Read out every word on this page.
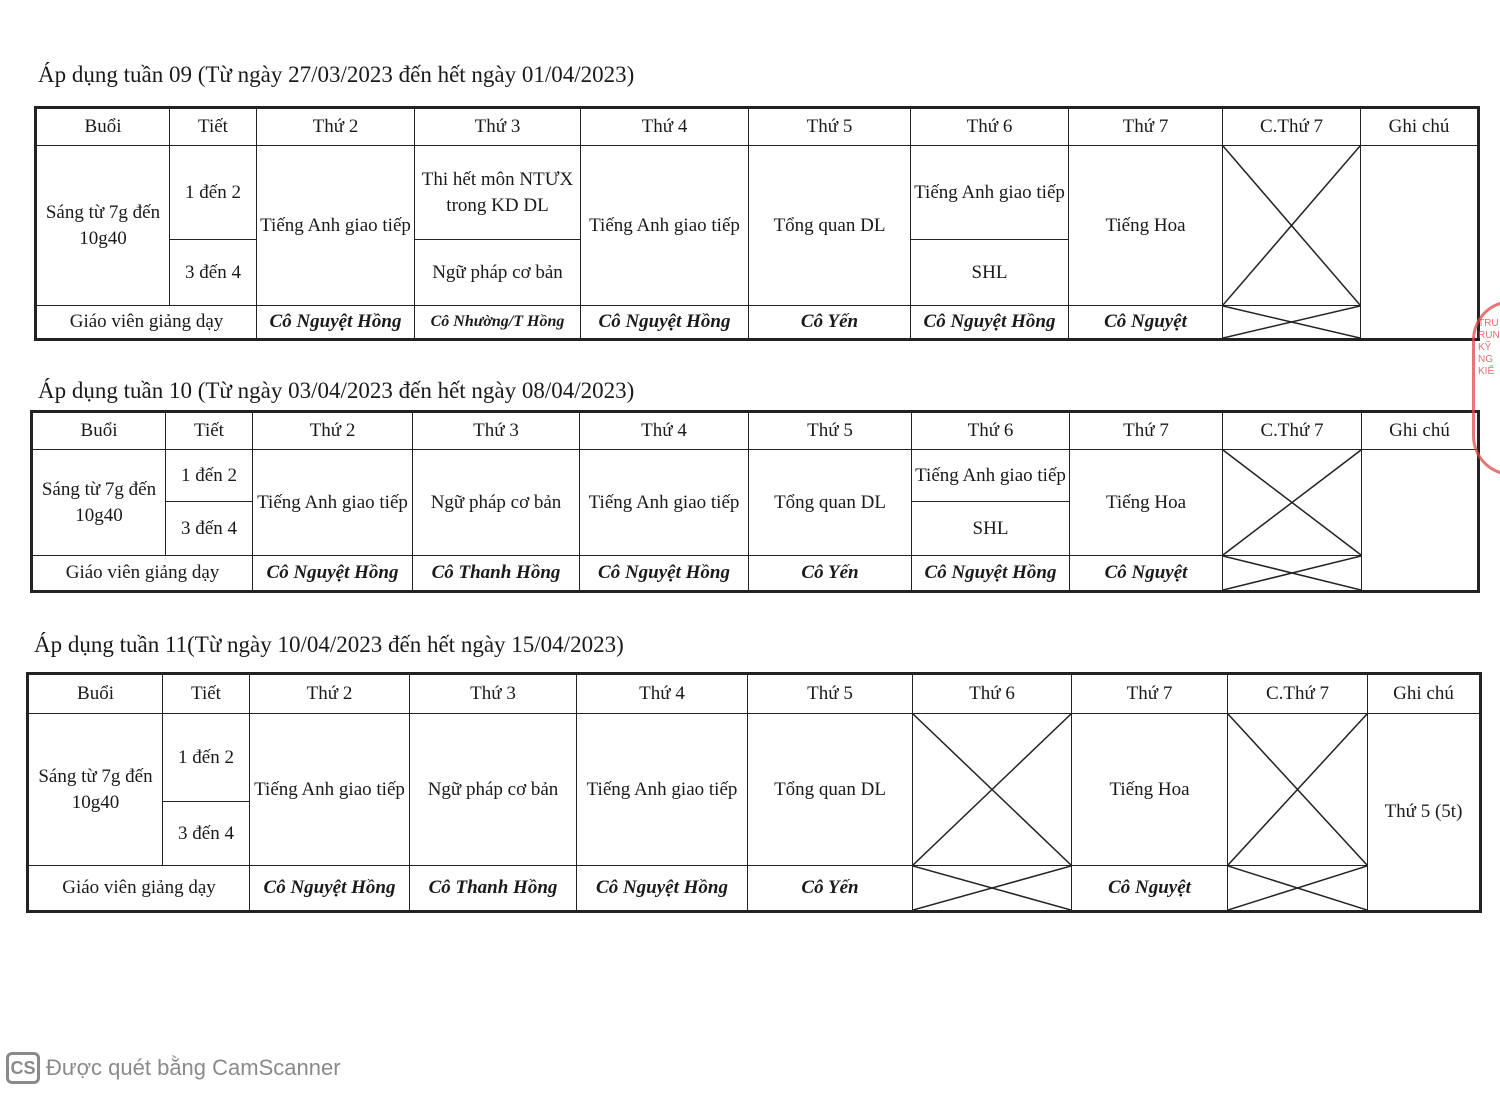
Áp dụng tuần 09 (Từ ngày 27/03/2023 đến hết ngày 01/04/2023)
Buổi	Tiết	Thứ 2	Thứ 3	Thứ 4	Thứ 5	Thứ 6	Thứ 7	C.Thứ 7	Ghi chú
Sáng từ 7g đến 10g40	1 đến 2	Tiếng Anh giao tiếp	Thi hết môn NTƯX trong KD DL	Tiếng Anh giao tiếp	Tổng quan DL	Tiếng Anh giao tiếp	Tiếng Hoa	

	3 đến 4		Ngữ pháp cơ bản			SHL			
Giáo viên giảng dạy		Cô Nguyệt Hồng	Cô Nhường/T Hồng	Cô Nguyệt Hồng	Cô Yến	Cô Nguyệt Hồng	Cô Nguyệt	
Áp dụng tuần 10 (Từ ngày 03/04/2023 đến hết ngày 08/04/2023)
Buổi	Tiết	Thứ 2	Thứ 3	Thứ 4	Thứ 5	Thứ 6	Thứ 7	C.Thứ 7	Ghi chú
Sáng từ 7g đến 10g40	1 đến 2	Tiếng Anh giao tiếp	Ngữ pháp cơ bản	Tiếng Anh giao tiếp	Tổng quan DL	Tiếng Anh giao tiếp	Tiếng Hoa	

	3 đến 4					SHL			
Giáo viên giảng dạy		Cô Nguyệt Hồng	Cô Thanh Hồng	Cô Nguyệt Hồng	Cô Yến	Cô Nguyệt Hồng	Cô Nguyệt	
Áp dụng tuần 11(Từ ngày 10/04/2023 đến hết ngày 15/04/2023)
Buổi	Tiết	Thứ 2	Thứ 3	Thứ 4	Thứ 5	Thứ 6	Thứ 7	C.Thứ 7	Ghi chú
Sáng từ 7g đến 10g40	1 đến 2	Tiếng Anh giao tiếp	Ngữ pháp cơ bản	Tiếng Anh giao tiếp	Tổng quan DL		Tiếng Hoa		Thứ 5 (5t)
	3 đến 4								
Giáo viên giảng dạy		Cô Nguyệt Hồng	Cô Thanh Hồng	Cô Nguyệt Hồng	Cô Yến		Cô Nguyệt	
TRU RUN KỸ NG KIẾ
CS Được quét bằng CamScanner
